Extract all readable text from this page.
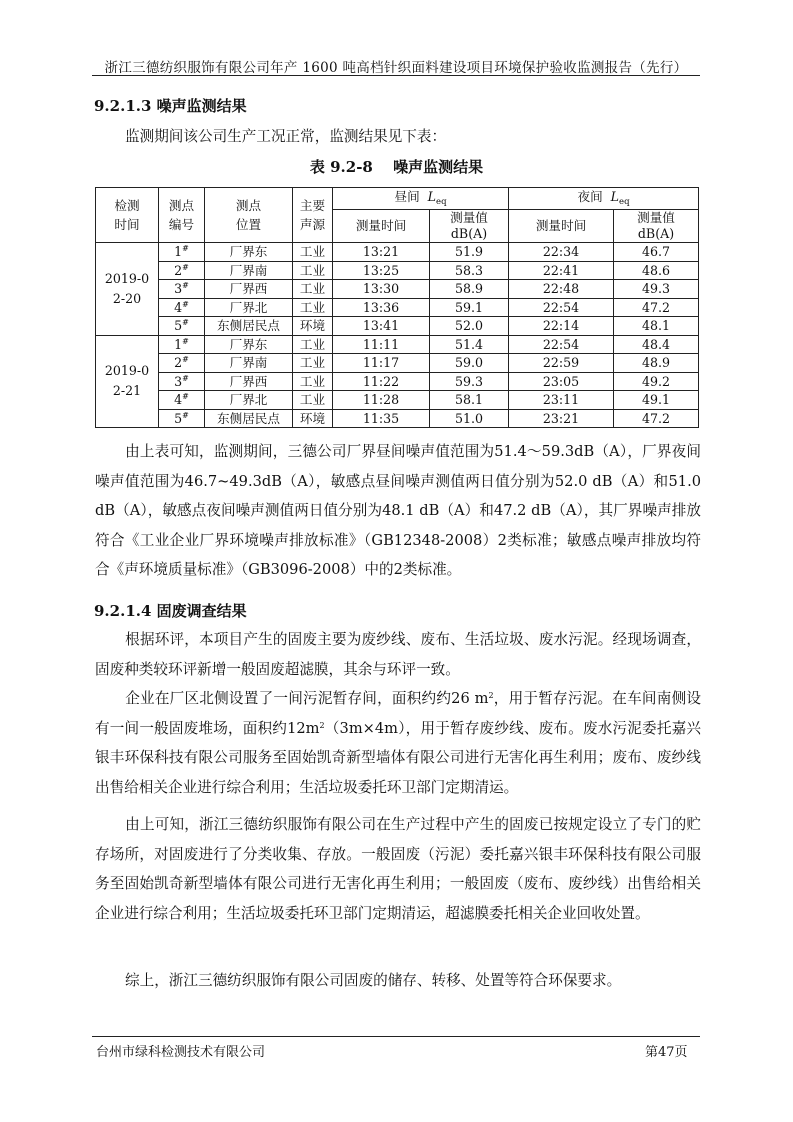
浙江三德纺织服饰有限公司年产 1600 吨高档针织面料建设项目环境保护验收监测报告（先行）
9.2.1.3 噪声监测结果
监测期间该公司生产工况正常，监测结果见下表：
表 9.2-8　 噪声监测结果
检测时间	测点编号	测点位置	主要声源	昼间 $L_{eq}$		夜间 $L_{eq}$
				测量时间	测量值dB(A)	测量时间	测量值dB(A)
2019-02-20	1#	厂界东	工业	13:21	51.9	22:34	46.7
	2#	厂界南	工业	13:25	58.3	22:41	48.6
	3#	厂界西	工业	13:30	58.9	22:48	49.3
	4#	厂界北	工业	13:36	59.1	22:54	47.2
	5#	东侧居民点	环境	13:41	52.0	22:14	48.1
2019-02-21	1#	厂界东	工业	11:11	51.4	22:54	48.4
	2#	厂界南	工业	11:17	59.0	22:59	48.9
	3#	厂界西	工业	11:22	59.3	23:05	49.2
	4#	厂界北	工业	11:28	58.1	23:11	49.1
	5#	东侧居民点	环境	11:35	51.0	23:21	47.2
由上表可知，监测期间，三德公司厂界昼间噪声值范围为51.4～59.3dB（A），厂界夜间噪声值范围为46.7~49.3dB（A），敏感点昼间噪声测值两日值分别为52.0 dB（A）和51.0 dB（A），敏感点夜间噪声测值两日值分别为48.1 dB（A）和47.2 dB（A），其厂界噪声排放符合《工业企业厂界环境噪声排放标准》（GB12348-2008）2类标准；敏感点噪声排放均符合《声环境质量标准》（GB3096-2008）中的2类标准。
9.2.1.4 固废调查结果
根据环评，本项目产生的固废主要为废纱线、废布、生活垃圾、废水污泥。经现场调查，固废种类较环评新增一般固废超滤膜，其余与环评一致。
企业在厂区北侧设置了一间污泥暂存间，面积约约26 $m^2$，用于暂存污泥。在车间南侧设有一间一般固废堆场，面积约$12m^2(3m\times 4m)$，用于暂存废纱线、废布。废水污泥委托嘉兴银丰环保科技有限公司服务至固始凯奇新型墙体有限公司进行无害化再生利用；废布、废纱线出售给相关企业进行综合利用；生活垃圾委托环卫部门定期清运。
由上可知，浙江三德纺织服饰有限公司在生产过程中产生的固废已按规定设立了专门的贮存场所，对固废进行了分类收集、存放。一般固废（污泥）委托嘉兴银丰环保科技有限公司服务至固始凯奇新型墙体有限公司进行无害化再生利用；一般固废（废布、废纱线）出售给相关企业进行综合利用；生活垃圾委托环卫部门定期清运，超滤膜委托相关企业回收处置。
综上，浙江三德纺织服饰有限公司固废的储存、转移、处置等符合环保要求。
台州市绿科检测技术有限公司	第47页
